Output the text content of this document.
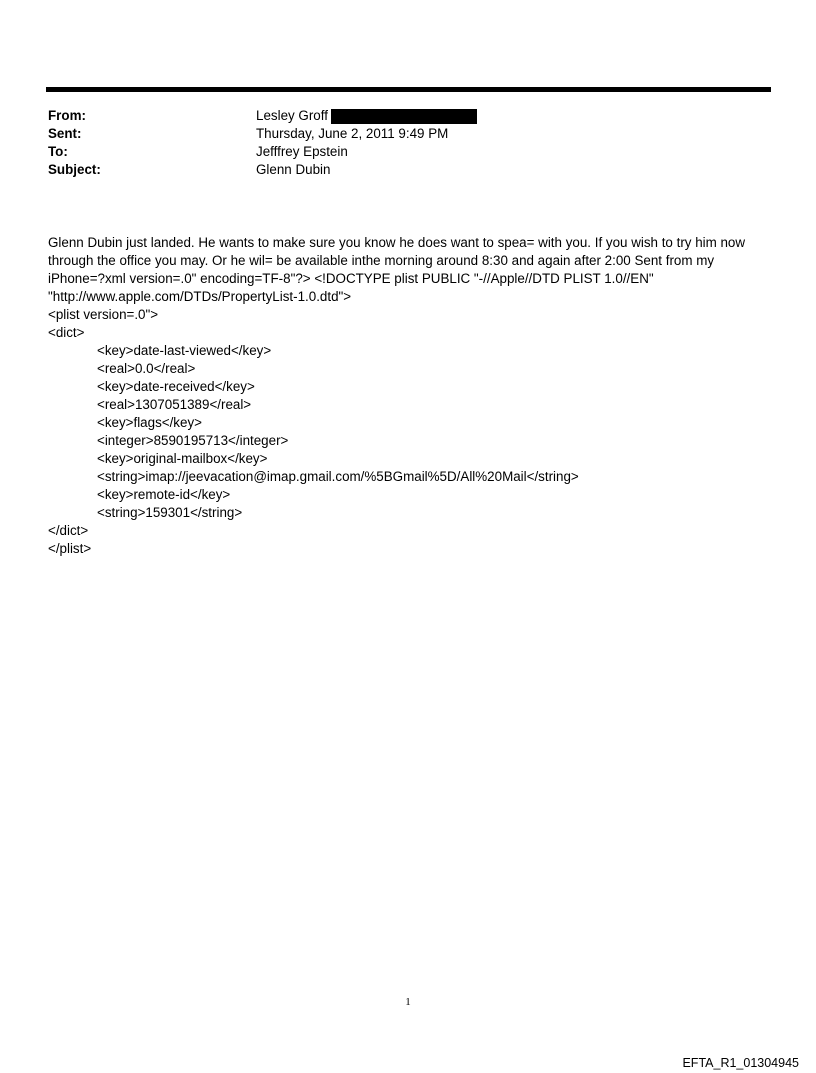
From:	Lesley Groff
Sent:	Thursday, June 2, 2011 9:49 PM
To:	Jefffrey Epstein
Subject:	Glenn Dubin
Glenn Dubin just landed. He wants to make sure you know he does want to spea= with you. If you wish to try him now
through the office you may. Or he wil= be available inthe morning around 8:30 and again after 2:00 Sent from my
iPhone=?xml version=.0" encoding=TF-8"?> <!DOCTYPE plist PUBLIC "-//Apple//DTD PLIST 1.0//EN"
"http://www.apple.com/DTDs/PropertyList-1.0.dtd">
<plist version=.0">
<dict>
<key>date-last-viewed</key>
<real>0.0</real>
<key>date-received</key>
<real>1307051389</real>
<key>flags</key>
<integer>8590195713</integer>
<key>original-mailbox</key>
<string>imap://jeevacation@imap.gmail.com/%5BGmail%5D/All%20Mail</string>
<key>remote-id</key>
<string>159301</string>
</dict>
</plist>
1
EFTA_R1_01304945
